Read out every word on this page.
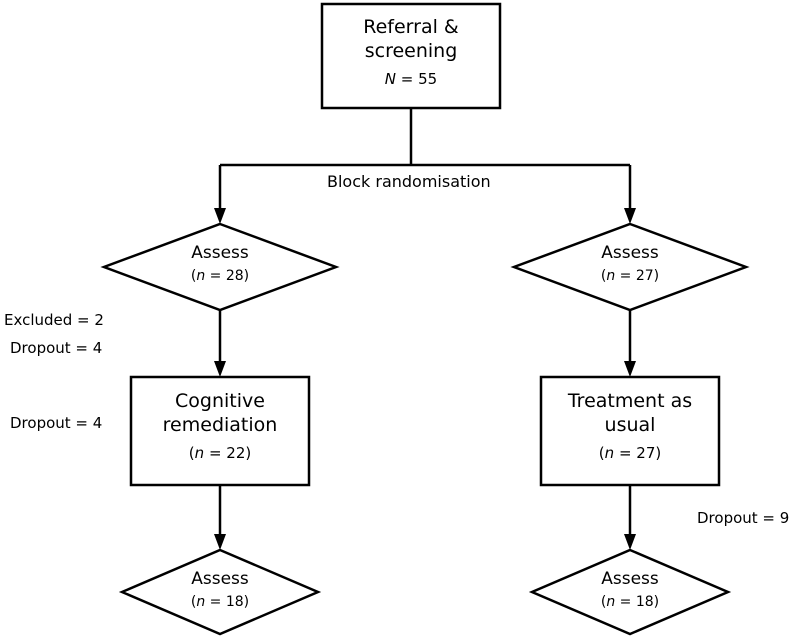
Referral &
screening
N = 55
Block randomisation
Assess
(n = 28)
Assess
(n = 27)
Excluded = 2
Dropout = 4
Dropout = 4
Dropout = 9
Cognitive
remediation
(n = 22)
Treatment as
usual
(n = 27)
Assess
(n = 18)
Assess
(n = 18)
